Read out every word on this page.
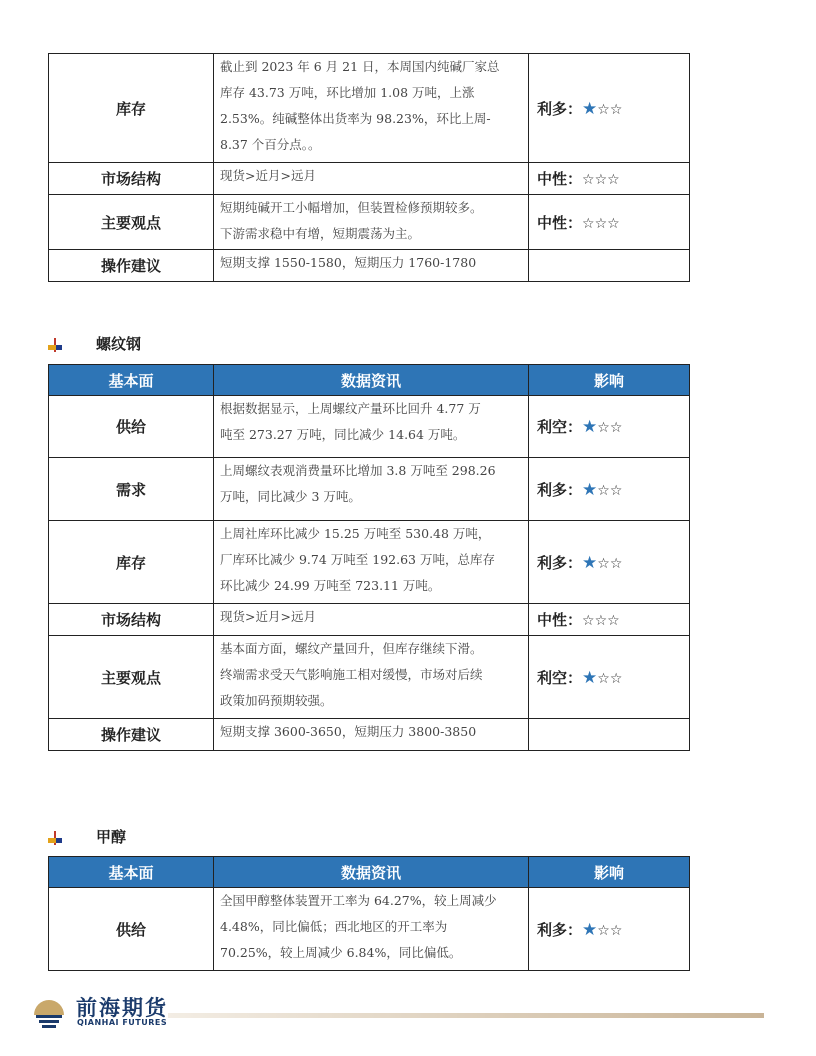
库存	截止到 2023 年 6 月 21 日，本周国内纯碱厂家总
库存 43.73 万吨，环比增加 1.08 万吨，上涨
2.53%。纯碱整体出货率为 98.23%，环比上周-
8.37 个百分点。。	利多：★☆☆
市场结构	现货>近月>远月	中性：☆☆☆
主要观点	短期纯碱开工小幅增加，但装置检修预期较多。
下游需求稳中有增，短期震荡为主。	中性：☆☆☆
操作建议	短期支撑 1550-1580，短期压力 1760-1780	

螺纹钢
基本面	数据资讯	影响
供给	根据数据显示，上周螺纹产量环比回升 4.77 万
吨至 273.27 万吨，同比减少 14.64 万吨。	利空：★☆☆
需求	上周螺纹表观消费量环比增加 3.8 万吨至 298.26
万吨，同比减少 3 万吨。	利多：★☆☆
库存	上周社库环比减少 15.25 万吨至 530.48 万吨，
厂库环比减少 9.74 万吨至 192.63 万吨，总库存
环比减少 24.99 万吨至 723.11 万吨。	利多：★☆☆
市场结构	现货>近月>远月	中性：☆☆☆
主要观点	基本面方面，螺纹产量回升，但库存继续下滑。
终端需求受天气影响施工相对缓慢，市场对后续
政策加码预期较强。	利空：★☆☆
操作建议	短期支撑 3600-3650，短期压力 3800-3850	

甲醇
基本面	数据资讯	影响
供给	全国甲醇整体装置开工率为 64.27%，较上周减少
4.48%，同比偏低；西北地区的开工率为
70.25%，较上周减少 6.84%，同比偏低。	利多：★☆☆
前海期货
QIANHAI FUTURES
